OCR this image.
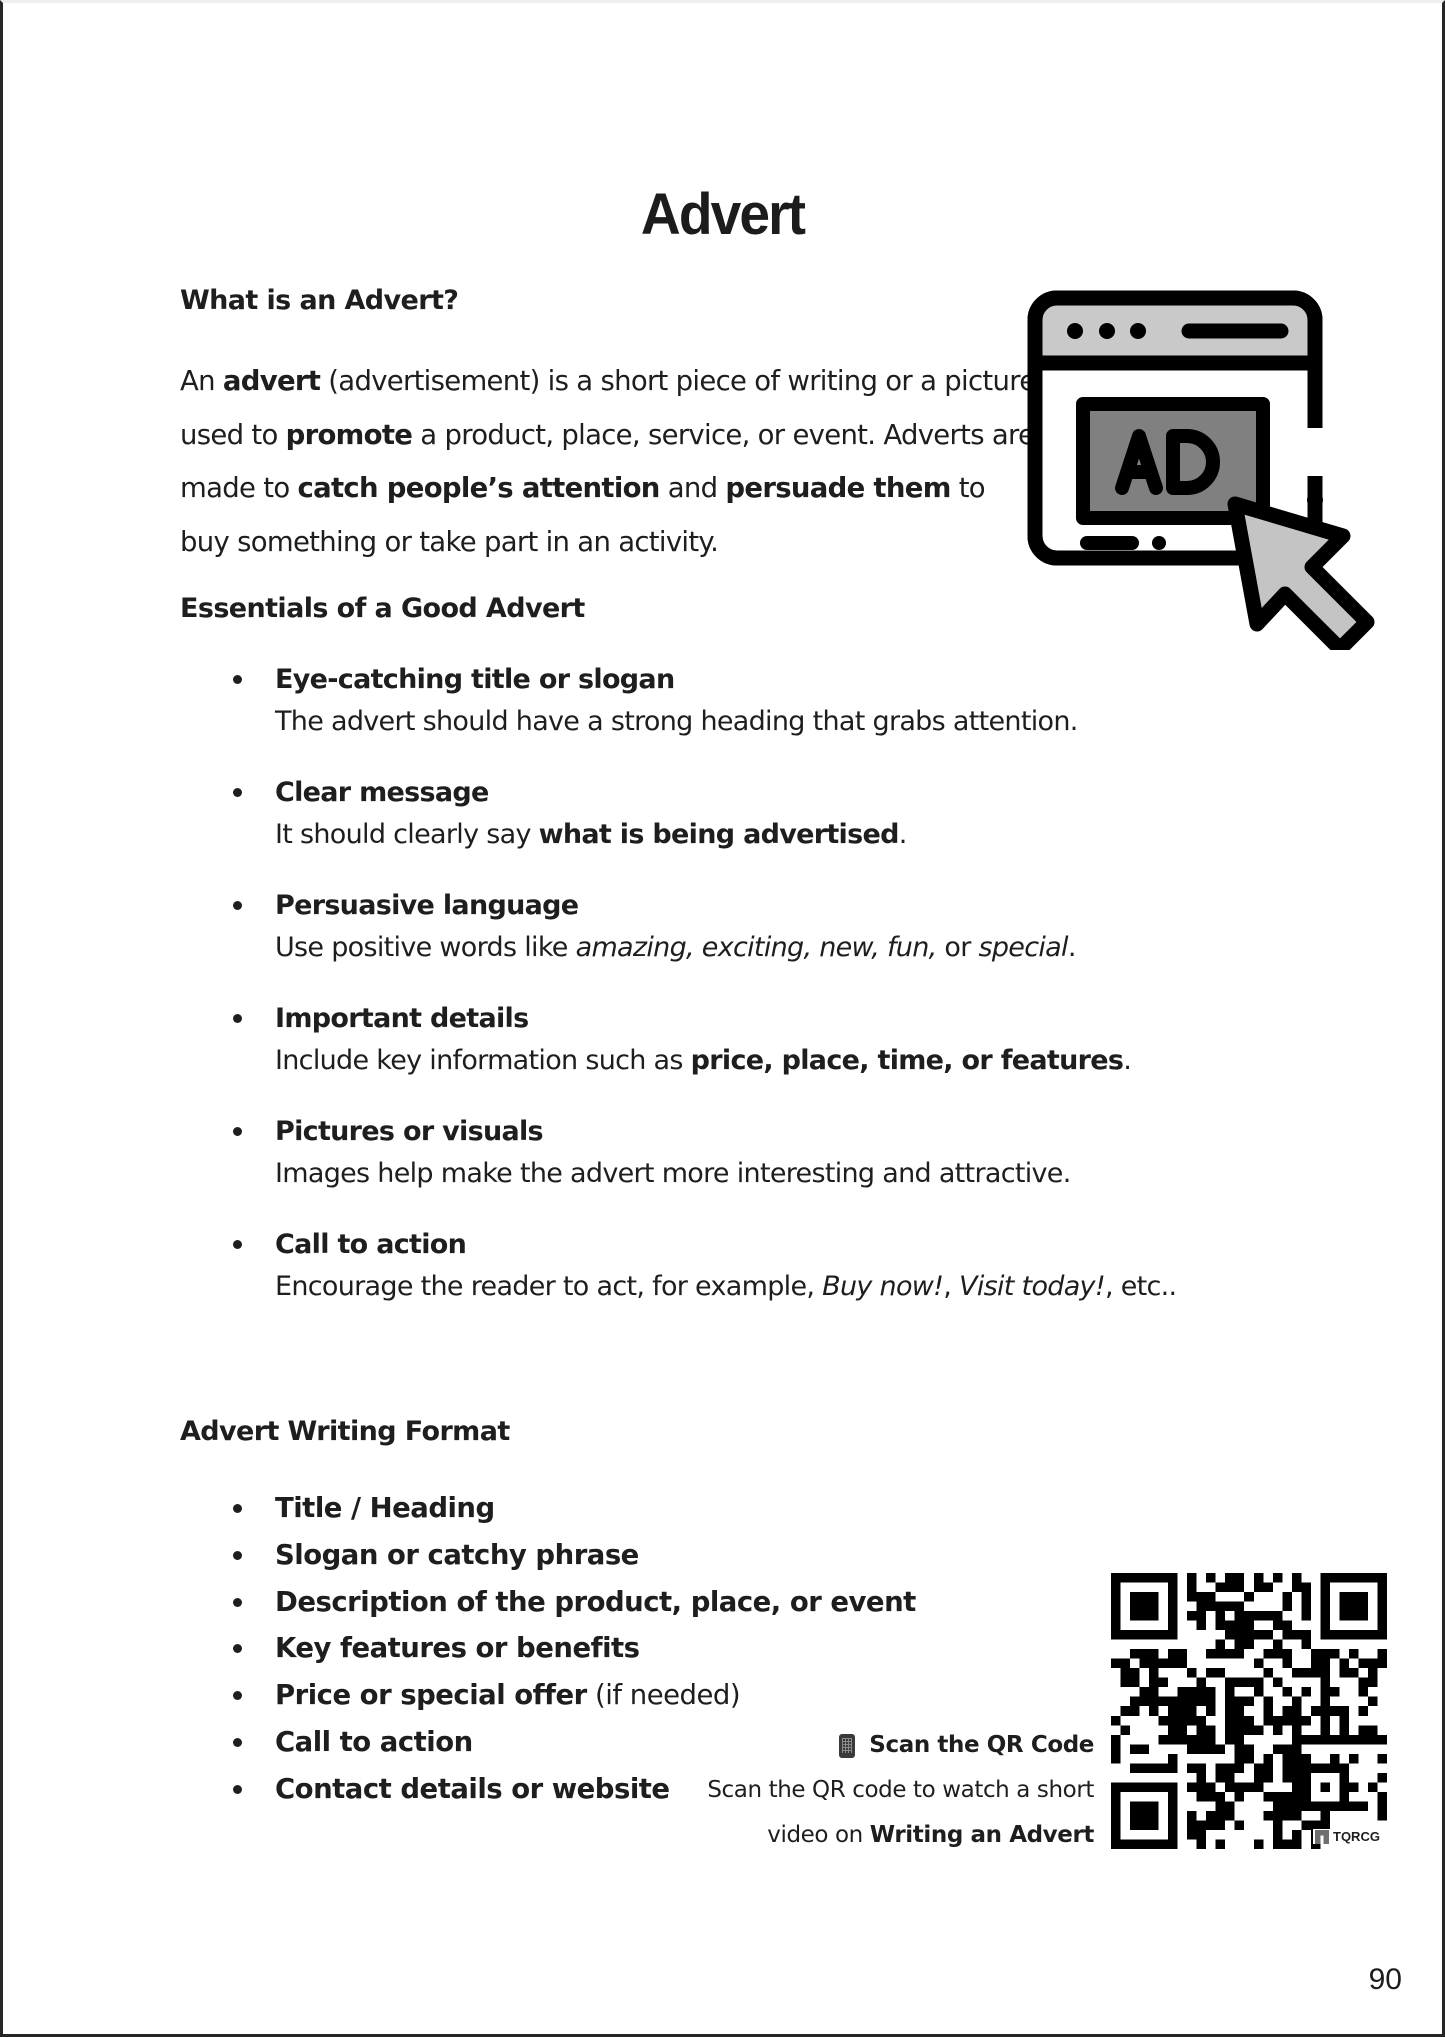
Advert
What is an Advert?

An advert (advertisement) is a short piece of writing or a picture used to promote a product, place, service, or event. Adverts are made to catch people’s attention and persuade them to buy something or take part in an activity.

Essentials of a Good Advert
Eye-catching title or slogan
The advert should have a strong heading that grabs attention.
Clear message
It should clearly say what is being advertised.
Persuasive language
Use positive words like amazing, exciting, new, fun, or special.
Important details
Include key information such as price, place, time, or features.
Pictures or visuals
Images help make the advert more interesting and attractive.
Call to action
Encourage the reader to act, for example, Buy now!, Visit today!, etc..
Advert Writing Format
Title / Heading
Slogan or catchy phrase
Description of the product, place, or event
Key features or benefits
Price or special offer (if needed)
Call to action
Contact details or website
Scan the QR Code
Scan the QR code to watch a short
video on Writing an Advert	TQRCG
90
